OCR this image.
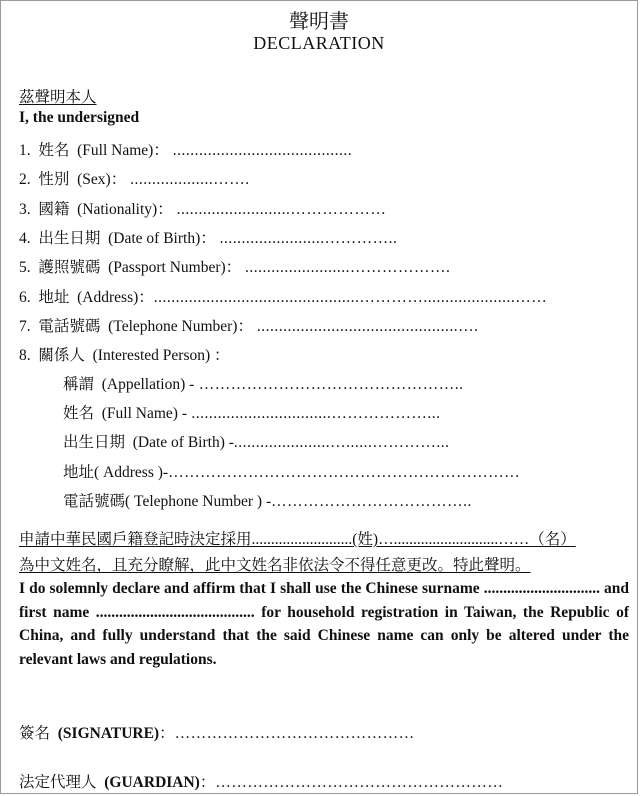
聲明書
DECLARATION
茲聲明本人
I, the undersigned
1. 姓名 (Full Name)： .........................................
2. 性別 (Sex)： ...................…….
3. 國籍 (Nationality)： ..........................………………
4. 出生日期 (Date of Birth)： ........................…………..
5. 護照號碼 (Passport Number)： ........................……………….
6. 地址 (Address)：...............................................………….....................……
7. 電話號碼 (Telephone Number)： ..............................................….
8. 關係人 (Interested Person) ：
稱謂 (Appellation) - …………………………………………..
姓名 (Full Name) - ................................………………...
出生日期 (Date of Birth) -......................…......…………...
地址( Address )-…………………………………………………………
電話號碼( Telephone Number ) -………………………………..
申請中華民國戶籍登記時決定採用..........................(姓)…...........................……（名）
為中文姓名，且充分瞭解，此中文姓名非依法令不得任意更改。特此聲明。
I do solemnly declare and affirm that I shall use the Chinese surname .............................. and first name ......................................... for household registration in Taiwan, the Republic of China, and fully understand that the said Chinese name can only be altered under the relevant laws and regulations.
簽名 (SIGNATURE)：………………………………………
法定代理人 (GUARDIAN)：………………………………………………
